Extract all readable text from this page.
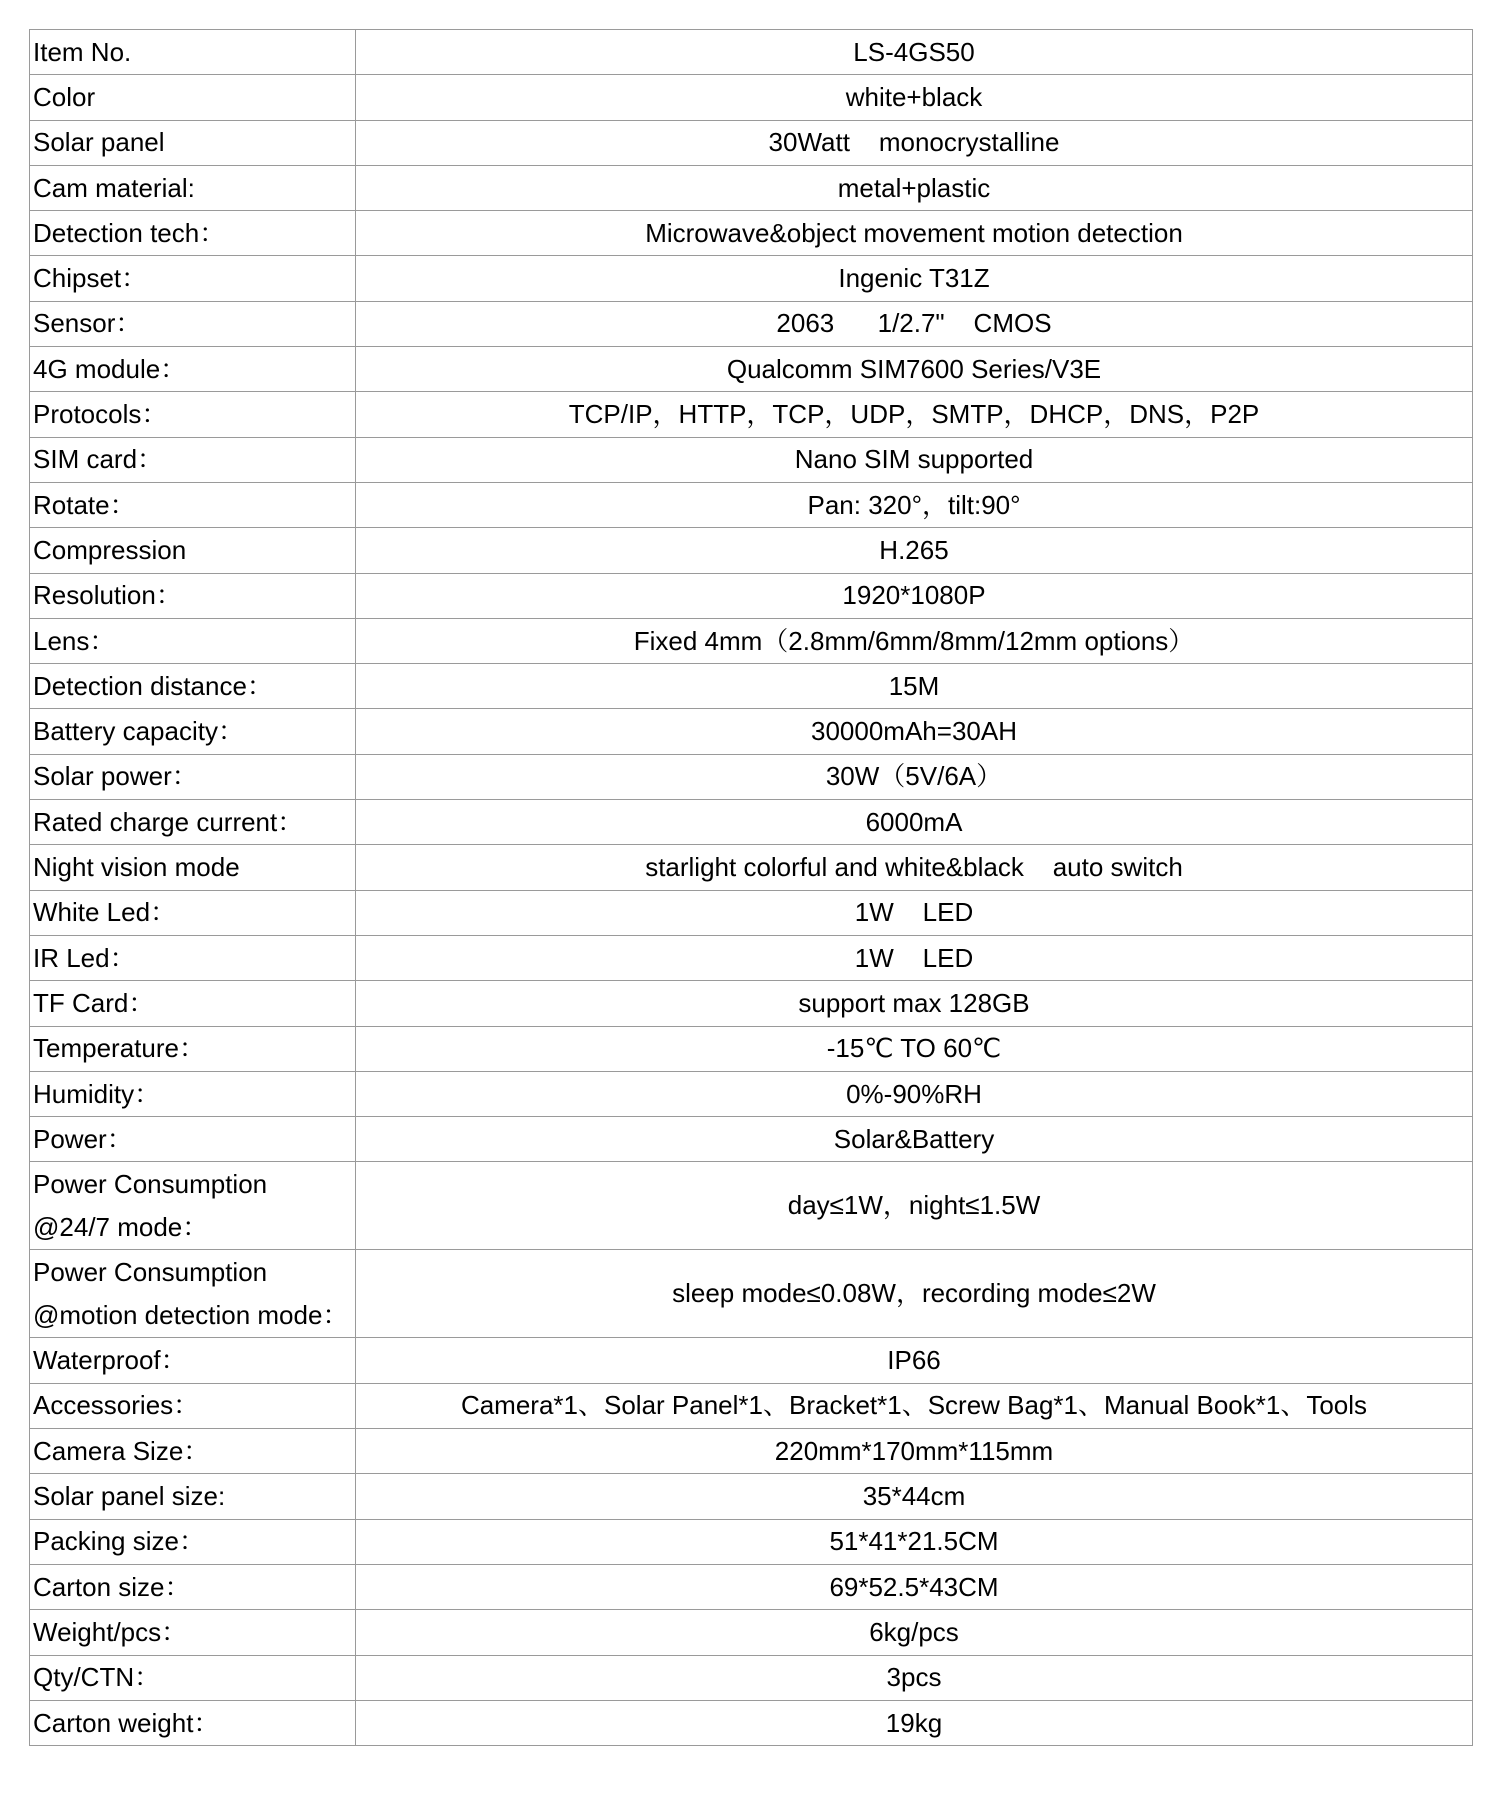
Item No.	LS-4GS50
Color	white+black
Solar panel	30Watt    monocrystalline
Cam material:	metal+plastic
Detection tech：	Microwave&object movement motion detection
Chipset：	Ingenic T31Z
Sensor：	2063      1/2.7"    CMOS
4G module：	Qualcomm SIM7600 Series/V3E
Protocols：	TCP/IP，HTTP，TCP，UDP，SMTP，DHCP，DNS，P2P
SIM card：	Nano SIM supported
Rotate：	Pan: 320°，tilt:90°
Compression	H.265
Resolution：	1920*1080P
Lens：	Fixed 4mm（2.8mm/6mm/8mm/12mm options）
Detection distance：	15M
Battery capacity：	30000mAh=30AH
Solar power：	30W（5V/6A）
Rated charge current：	6000mA
Night vision mode	starlight colorful and white&black    auto switch
White Led：	1W    LED
IR Led：	1W    LED
TF Card：	support max 128GB
Temperature：	-15℃ TO 60℃
Humidity：	0%-90%RH
Power：	Solar&Battery

Power Consumption
@24/7 mode：	day≤1W，night≤1.5W

Power Consumption
@motion detection mode：	sleep mode≤0.08W，recording mode≤2W
Waterproof：	IP66
Accessories：	Camera*1、Solar Panel*1、Bracket*1、Screw Bag*1、Manual Book*1、Tools
Camera Size：	220mm*170mm*115mm
Solar panel size:	35*44cm
Packing size：	51*41*21.5CM
Carton size：	69*52.5*43CM
Weight/pcs：	6kg/pcs
Qty/CTN：	3pcs
Carton weight：	19kg
